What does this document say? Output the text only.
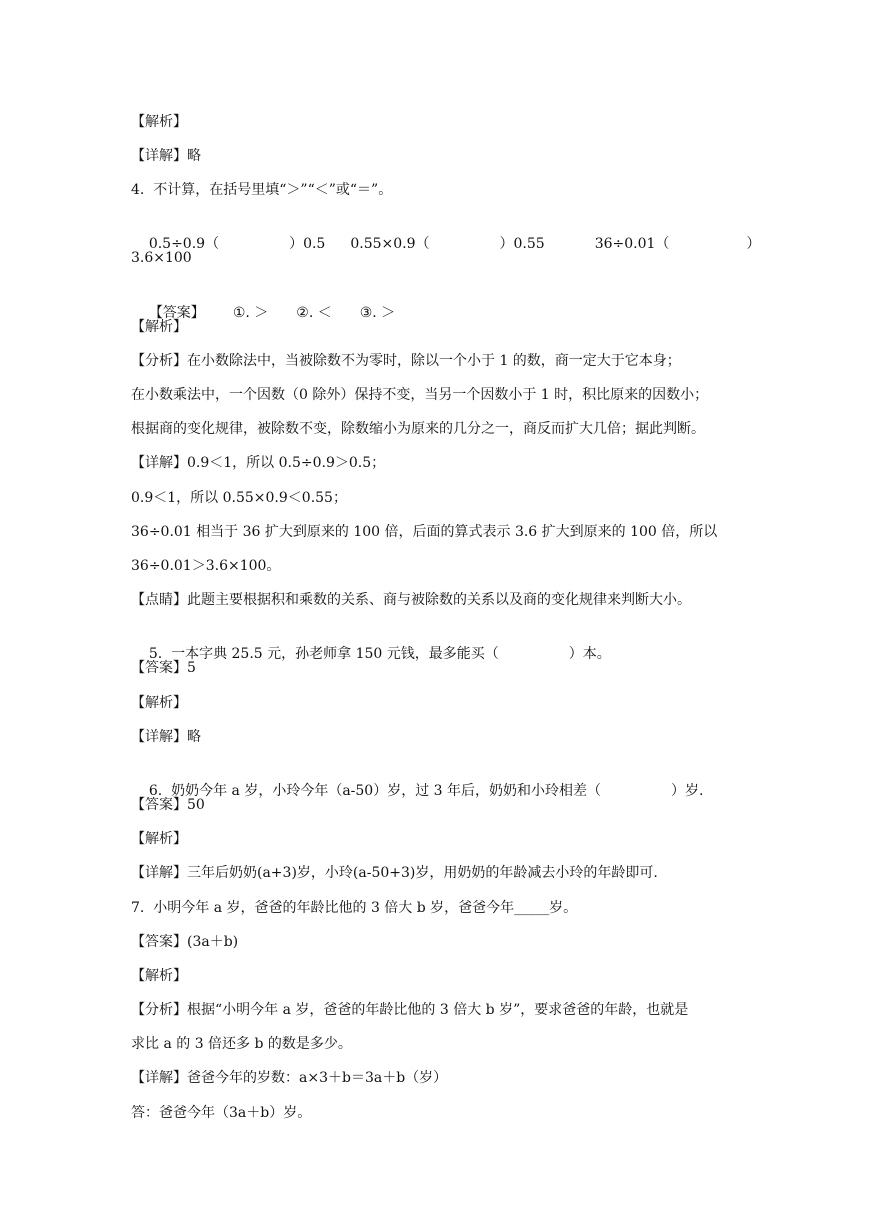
【解析】
【详解】略
4.  不计算，在括号里填“＞”“＜”或“＝”。

0.5÷0.9（	）0.5 0.55×0.9（	）0.55	36÷0.01（	）

3.6×100

【答案】 ①. ＞ ②. ＜ ③. ＞

【解析】
【分析】在小数除法中，当被除数不为零时，除以一个小于 1 的数，商一定大于它本身；
在小数乘法中，一个因数（0 除外）保持不变，当另一个因数小于 1 时，积比原来的因数小；
根据商的变化规律，被除数不变，除数缩小为原来的几分之一，商反而扩大几倍；据此判断。
【详解】0.9＜1，所以 0.5÷0.9＞0.5；
0.9＜1，所以 0.55×0.9＜0.55；
36÷0.01 相当于 36 扩大到原来的 100 倍，后面的算式表示 3.6 扩大到原来的 100 倍，所以
36÷0.01＞3.6×100。
【点睛】此题主要根据积和乘数的关系、商与被除数的关系以及商的变化规律来判断大小。

5.  一本字典 25.5 元，孙老师拿 150 元钱，最多能买（	）本。

【答案】5
【解析】
【详解】略

6.  奶奶今年 a 岁，小玲今年（a-50）岁，过 3 年后，奶奶和小玲相差（	）岁.

【答案】50
【解析】
【详解】三年后奶奶(a+3)岁，小玲(a-50+3)岁，用奶奶的年龄减去小玲的年龄即可.
7.  小明今年 a 岁，爸爸的年龄比他的 3 倍大 b 岁，爸爸今年_____岁。
【答案】(3a＋b)
【解析】
【分析】根据“小明今年 a 岁，爸爸的年龄比他的 3 倍大 b 岁”，要求爸爸的年龄，也就是
求比 a 的 3 倍还多 b 的数是多少。
【详解】爸爸今年的岁数：a×3＋b＝3a＋b（岁）
答：爸爸今年（3a＋b）岁。
